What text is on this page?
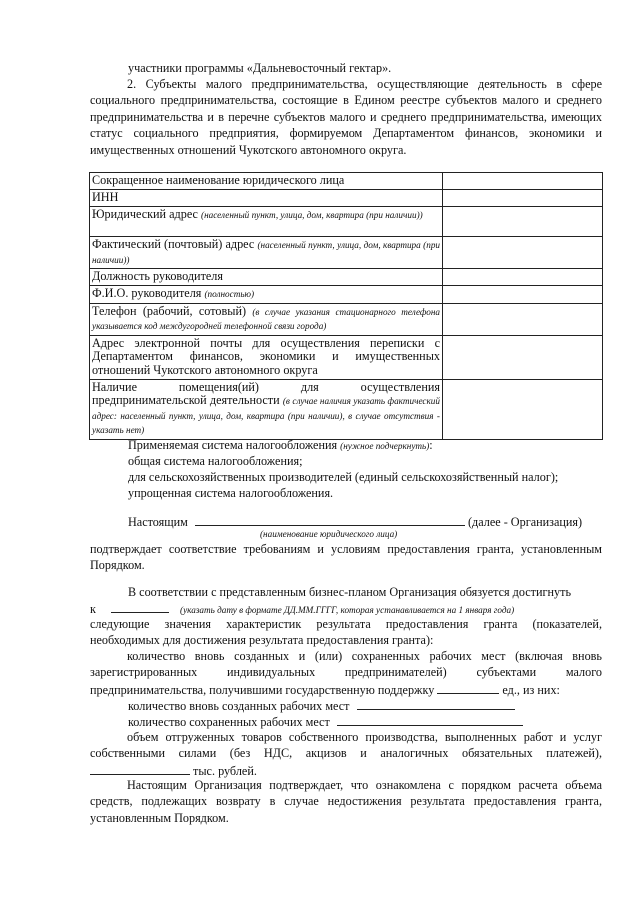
участники программы «Дальневосточный гектар».
2. Субъекты малого предпринимательства, осуществляющие деятельность в сфере социального предпринимательства, состоящие в Едином реестре субъектов малого и среднего предпринимательства и в перечне субъектов малого и среднего предпринимательства, имеющих статус социального предприятия, формируемом Департаментом финансов, экономики и имущественных отношений Чукотского автономного округа.
Сокращенное наименование юридического лица	
ИНН	
Юридический адрес (населенный пункт, улица, дом, квартира (при наличии))	
Фактический (почтовый) адрес (населенный пункт, улица, дом, квартира (при наличии))	
Должность руководителя	
Ф.И.О. руководителя (полностью)	
Телефон (рабочий, сотовый) (в случае указания стационарного телефона указывается код междугородней телефонной связи города)	
Адрес электронной почты для осуществления переписки с Департаментом финансов, экономики и имущественных отношений Чукотского автономного округа	
Наличие помещения(ий) для осуществления предпринимательской деятельности (в случае наличия указать фактический адрес: населенный пункт, улица, дом, квартира (при наличии), в случае отсутствия - указать нет)	
Применяемая система налогообложения (нужное подчеркнуть):
общая система налогообложения;
для сельскохозяйственных производителей (единый сельскохозяйственный налог);
упрощенная система налогообложения.
Настоящим	(далее - Организация)
(наименование юридического лица)
подтверждает соответствие требованиям и условиям предоставления гранта, установленным Порядком.
В соответствии с представленным бизнес-планом Организация обязуется достигнуть
к	(указать дату в формате ДД.ММ.ГГГГ, которая устанавливается на 1 января года)
следующие значения характеристик результата предоставления гранта (показателей, необходимых для достижения результата предоставления гранта):
количество вновь созданных и (или) сохраненных рабочих мест (включая вновь зарегистрированных индивидуальных предпринимателей) субъектами малого предпринимательства, получившими государственную поддержку	ед., из них:
количество вновь созданных рабочих мест
количество сохраненных рабочих мест
объем отгруженных товаров собственного производства, выполненных работ и услуг собственными силами (без НДС, акцизов и аналогичных обязательных платежей),  тыс. рублей.
Настоящим Организация подтверждает, что ознакомлена с порядком расчета объема средств, подлежащих возврату в случае недостижения результата предоставления гранта, установленным Порядком.
